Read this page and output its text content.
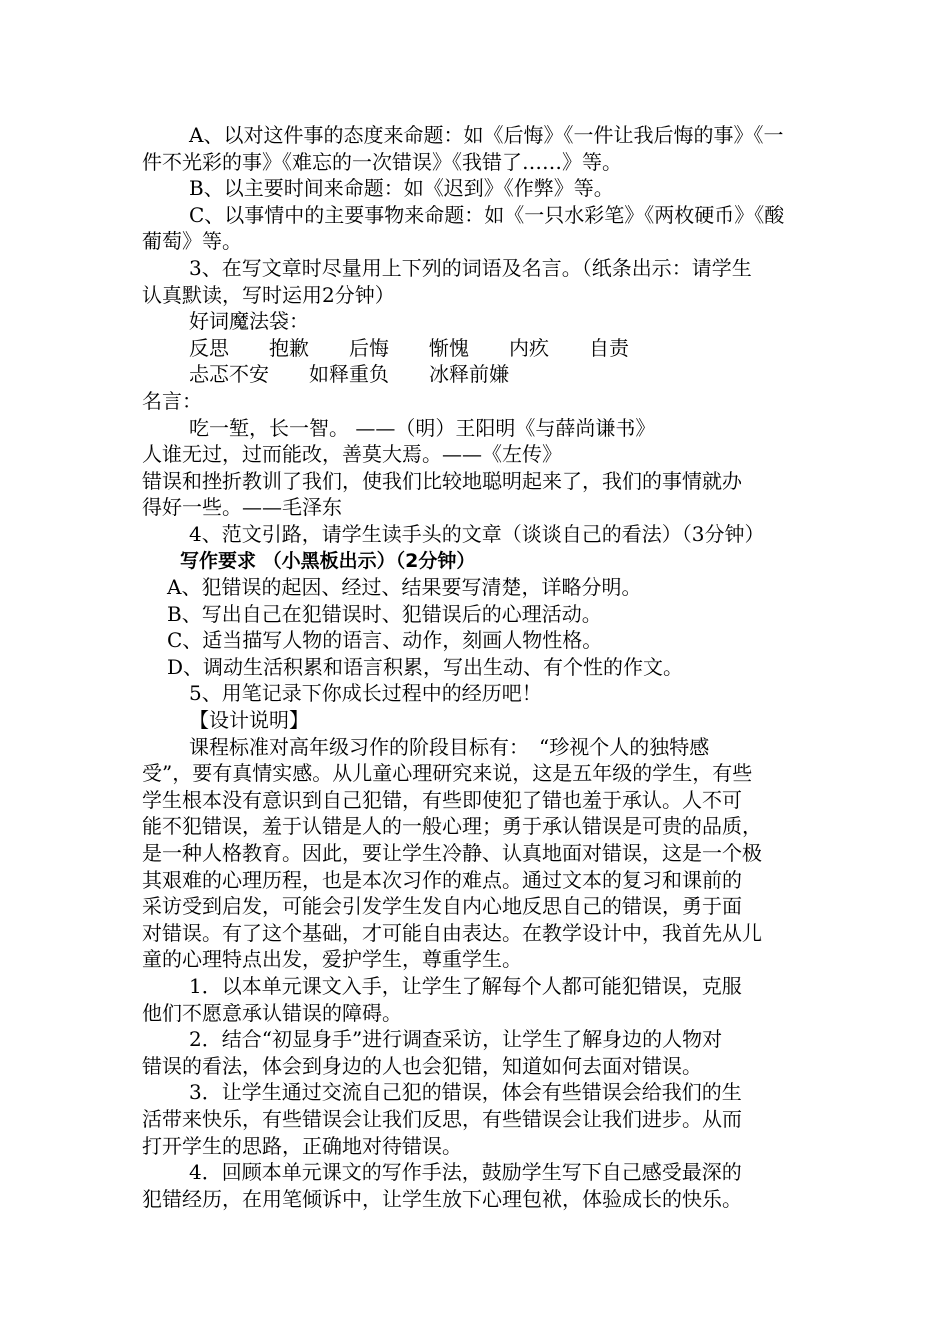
A、以对这件事的态度来命题：如《后悔》《一件让我后悔的事》《一
件不光彩的事》《难忘的一次错误》《我错了……》等。
B、以主要时间来命题：如《迟到》《作弊》等。
C、以事情中的主要事物来命题：如《一只水彩笔》《两枚硬币》《酸
葡萄》等。
3、在写文章时尽量用上下列的词语及名言。（纸条出示：请学生
认真默读，写时运用2分钟）
好词魔法袋：
反思　　抱歉　　后悔　　惭愧　　内疚　　自责
忐忑不安　　如释重负　　冰释前嫌
名言：
吃一堑，长一智。 ——（明）王阳明《与薛尚谦书》
人谁无过，过而能改，善莫大焉。——《左传》
错误和挫折教训了我们，使我们比较地聪明起来了，我们的事情就办
得好一些。——毛泽东
4、范文引路，请学生读手头的文章（谈谈自己的看法）（3分钟）
写作要求 （小黑板出示）（2分钟）
A、犯错误的起因、经过、结果要写清楚，详略分明。
B、写出自己在犯错误时、犯错误后的心理活动。
C、适当描写人物的语言、动作，刻画人物性格。
D、调动生活积累和语言积累，写出生动、有个性的作文。
5、用笔记录下你成长过程中的经历吧！
【设计说明】
课程标准对高年级习作的阶段目标有：　“珍视个人的独特感
受”，要有真情实感。从儿童心理研究来说，这是五年级的学生，有些
学生根本没有意识到自己犯错，有些即使犯了错也羞于承认。人不可
能不犯错误，羞于认错是人的一般心理；勇于承认错误是可贵的品质，
是一种人格教育。因此，要让学生冷静、认真地面对错误，这是一个极
其艰难的心理历程，也是本次习作的难点。通过文本的复习和课前的
采访受到启发，可能会引发学生发自内心地反思自己的错误，勇于面
对错误。有了这个基础，才可能自由表达。在教学设计中，我首先从儿
童的心理特点出发，爱护学生，尊重学生。
1．以本单元课文入手，让学生了解每个人都可能犯错误，克服
他们不愿意承认错误的障碍。
2．结合“初显身手”进行调查采访，让学生了解身边的人物对
错误的看法，体会到身边的人也会犯错，知道如何去面对错误。
3．让学生通过交流自己犯的错误，体会有些错误会给我们的生
活带来快乐，有些错误会让我们反思，有些错误会让我们进步。从而
打开学生的思路，正确地对待错误。
4．回顾本单元课文的写作手法，鼓励学生写下自己感受最深的
犯错经历，在用笔倾诉中，让学生放下心理包袱，体验成长的快乐。
